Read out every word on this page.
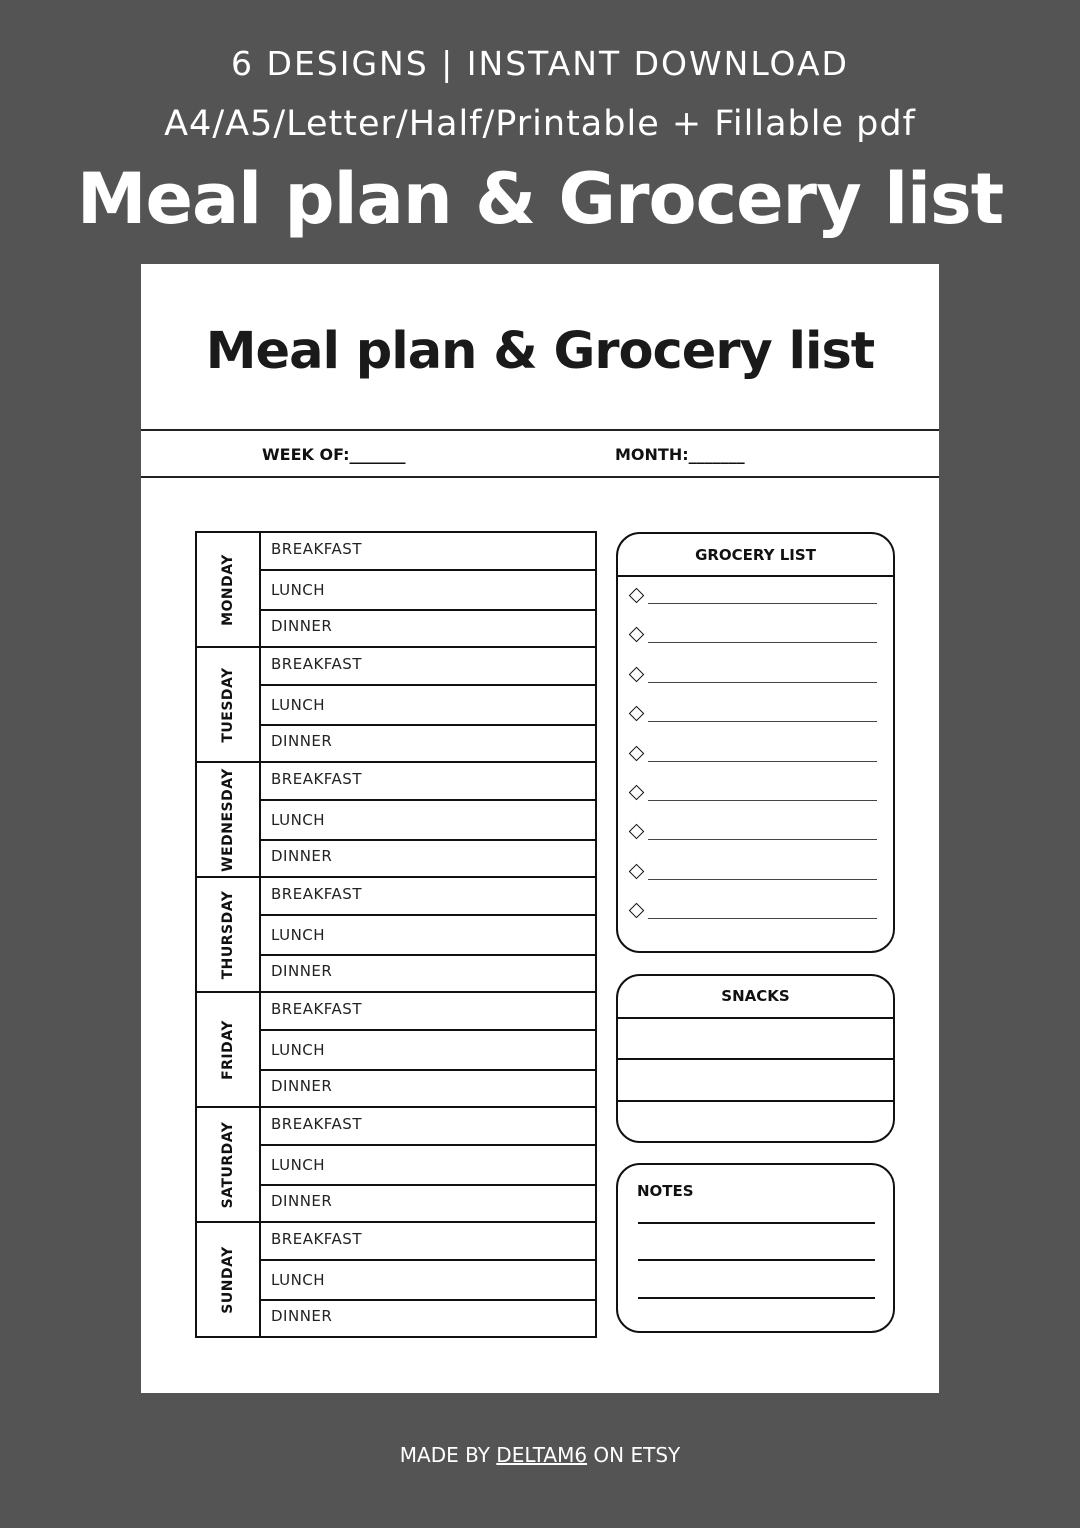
6 DESIGNS | INSTANT DOWNLOAD
A4/A5/Letter/Half/Printable + Fillable pdf
Meal plan & Grocery list
Meal plan & Grocery list
WEEK OF:_______	MONTH:_______
MONDAY
BREAKFAST
LUNCH
DINNER
TUESDAY
BREAKFAST
LUNCH
DINNER
WEDNESDAY BREAKFAST
LUNCH
DINNER
THURSDAY BREAKFAST
LUNCH
DINNER
FRIDAY
BREAKFAST
LUNCH
DINNER
SATURDAY BREAKFAST
LUNCH
DINNER
SUNDAY
BREAKFAST
LUNCH
DINNER
GROCERY LIST
SNACKS
NOTES
MADE BY DELTAM6 ON ETSY
